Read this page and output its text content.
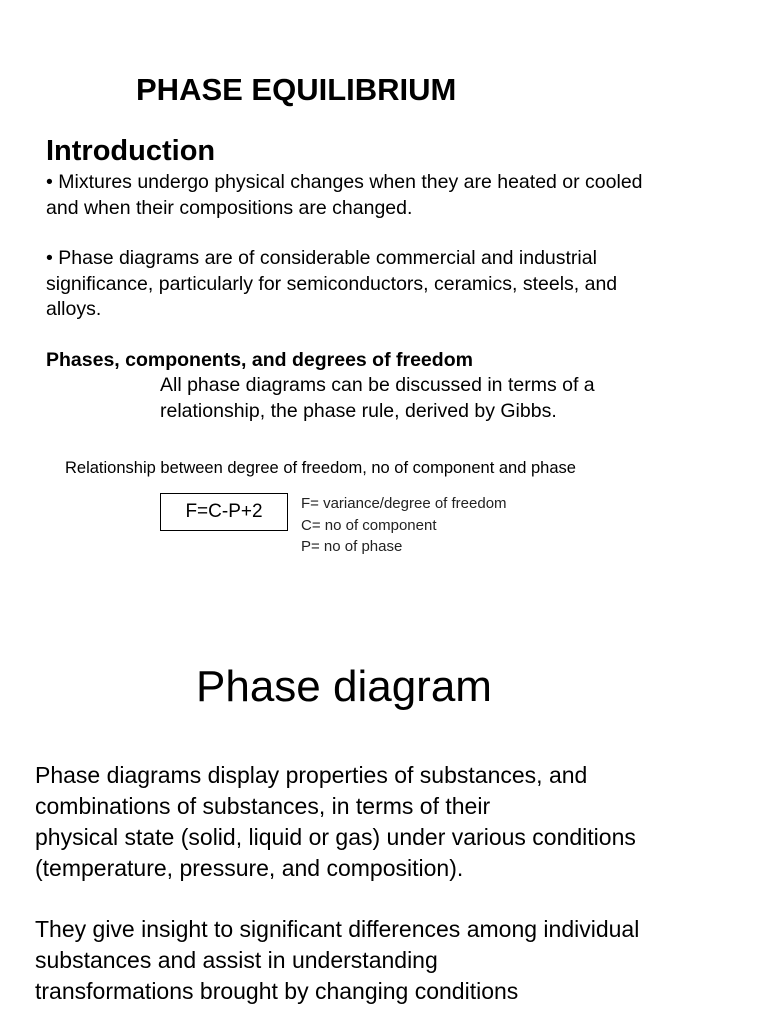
PHASE EQUILIBRIUM
Introduction
• Mixtures undergo physical changes when they are heated or cooled
and when their compositions are changed.
• Phase diagrams are of considerable commercial and industrial
significance, particularly for semiconductors, ceramics, steels, and
alloys.
Phases, components, and degrees of freedom
All phase diagrams can be discussed in terms of a
relationship, the phase rule, derived by Gibbs.
Relationship between degree of freedom, no of component and phase
F=C-P+2	F= variance/degree of freedom
C= no of component
P= no of phase
Phase diagram
Phase diagrams display properties of substances, and
combinations of substances, in terms of their
physical state (solid, liquid or gas) under various conditions
(temperature, pressure, and composition).
They give insight to significant differences among individual
substances and assist in understanding
transformations brought by changing conditions
